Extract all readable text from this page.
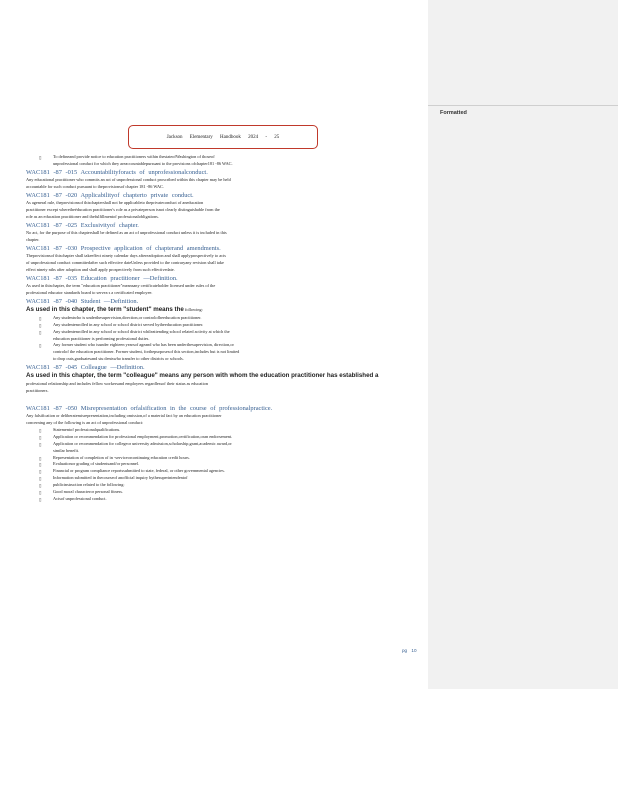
Jackson Elementary Handbook 2024 - 25

▯ To defineand provide notice to education practitioners within thestateofWashington of thoseof

unprofessional conduct for which they areaccountablepursuant to the provisions ofchapter181 -86 WAC.

WAC181 -87 -015 Accountabilityforacts of unprofessionalconduct.

Any educational practitioner who commits an act of unprofessional conduct proscribed within this chapter may be held

accountable for such conduct pursuant to theprovisionsof chapter 181 -86 WAC.

WAC181 -87 -020 Applicabilityof chapterto private conduct.

As ageneral rule, theprovisionsof thischaptershall not be applicableto theprivateconduct of aneducation

practitioner except wheretheéducation practitioner's role as a privateperson isnot clearly distinguishable from the

role as an education practitioner and thefulfillmentof professionalobligations.

WAC181 -87 -025 Exclusivityof chapter.

No act, for the purpose of this chaptershall be defined as an act of unprofessional conduct unless it is included in this

chapter.

WAC181 -87 -030 Prospective application of chapterand amendments.

Theprovisionsof thischapter shall takeeffect ninety calendar days aftereadoption and shall applyprospectively to acts

of unprofessional conduct committedafter such effective dateUnless provided to the contraryany revision shall take

effect ninety nths after adoption and shall apply prospectively from such effectivedate.

WAC181 -87 -035 Education practitioner —Definition.

As used in thischapter, the term "education practitioner"meansany certificateholder licensed under rules of the

professional educator standards board to servea s a certificated employee.

WAC181 -87 -040 Student —Definition.

As used in this chapter, the term "student" means the following:

▯ Any studentwho is underthesupervision,direction,or controlofheeducation practitioner.

▯ Any studentenrolled in any school or school district served bytheeducation practitioner.

▯ Any studentenrolled in any school or school district whileattending school related activity at which the

education practitioner is performing professional duties.

▯ Any former student who isunder eighteen yearsof ageand who has been underthesupervision, direction,or

controlof the education practitioner. Former student, forthepurposesof this section,includes but is not limited

to drop outs,graduatesand stu dentswho transfer to other districts or schools.

WAC181 -87 -045 Colleague —Definition.

As used in this chapter, the term "colleague" means any person with whom the education practitioner has established a

professional relationship and includes fellow workersand employees regardlessof their status as education

practitioners.

WAC181 -87 -050 Misrepresentation orfalsification in the course of professionalpractice.

Any falsification or deliberatemisrepresentation,including omission,of a material fact by an education practitioner

concerning any of the following is an act of unprofessional conduct:

▯ Statementof professionalqualifications.

▯ Application or recommendation for professional employment,promotion,certification,oran endorsement.

▯ Application or recommendation for collegeor university admission,scholarship,grant,academic award,or

similar benefit.

▯ Representation of completion of in -serviceorcontinuing education credit hours.

▯ Evaluationor grading of studentsand/or personnel.

▯ Financial or program compliance reportssubmitted to state, federal, or other governmental agencies.

▯ Information submitted in thecourseof anofficial inquiry bythesuperintendentof

▯ publicinstruction related to the following:

▯ Good moral characteror personal fitness.

▯ Actsof unprofessional conduct.

pg 10
Formatted
